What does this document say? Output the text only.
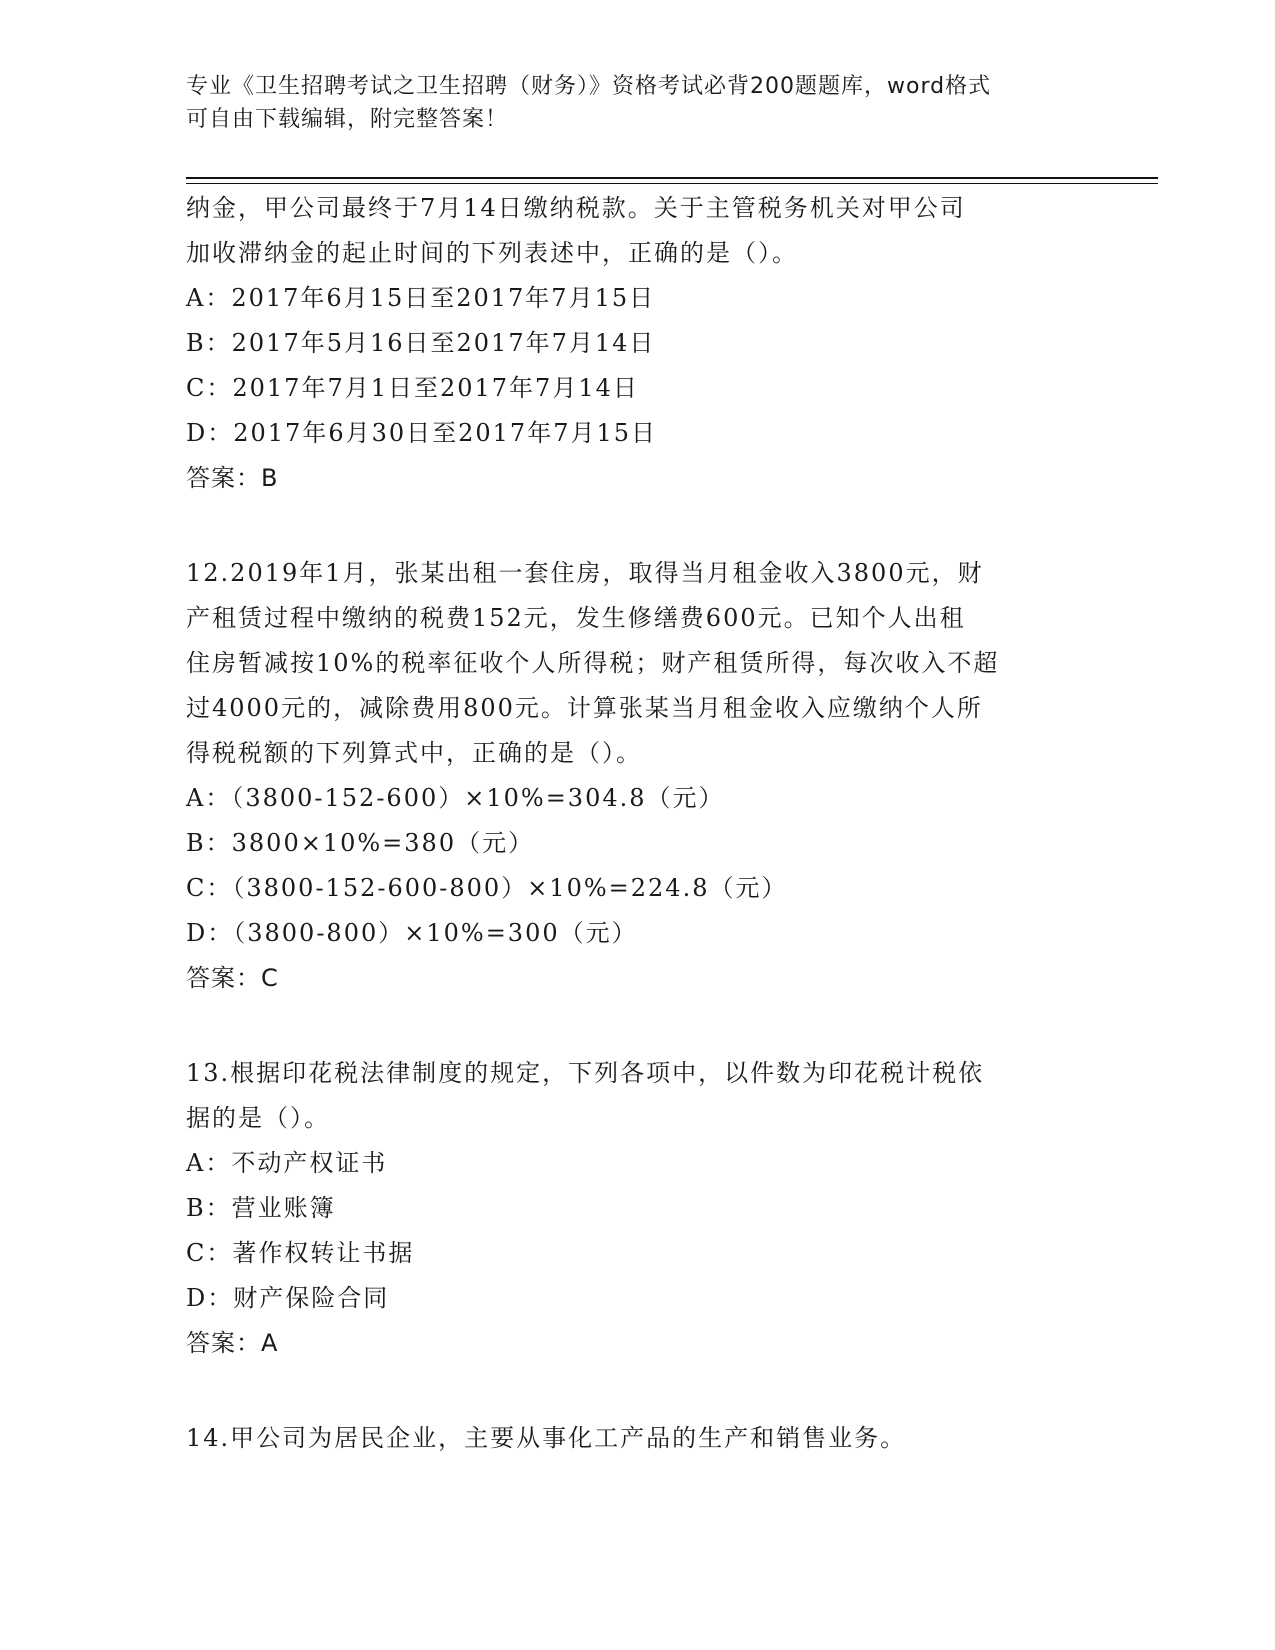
专业《卫生招聘考试之卫生招聘（财务）》资格考试必背200题题库，word格式
可自由下载编辑，附完整答案！
纳金，甲公司最终于7月14日缴纳税款。关于主管税务机关对甲公司
加收滞纳金的起止时间的下列表述中，正确的是（）。
A：2017年6月15日至2017年7月15日
B：2017年5月16日至2017年7月14日
C：2017年7月1日至2017年7月14日
D：2017年6月30日至2017年7月15日
答案：B
12.2019年1月，张某出租一套住房，取得当月租金收入3800元，财
产租赁过程中缴纳的税费152元，发生修缮费600元。已知个人出租
住房暂减按10%的税率征收个人所得税；财产租赁所得，每次收入不超
过4000元的，减除费用800元。计算张某当月租金收入应缴纳个人所
得税税额的下列算式中，正确的是（）。
A：（3800-152-600）×10%=304.8（元）
B：3800×10%=380（元）
C：（3800-152-600-800）×10%=224.8（元）
D：（3800-800）×10%=300（元）
答案：C
13.根据印花税法律制度的规定，下列各项中，以件数为印花税计税依
据的是（）。
A：不动产权证书
B：营业账簿
C：著作权转让书据
D：财产保险合同
答案：A
14.甲公司为居民企业，主要从事化工产品的生产和销售业务。
